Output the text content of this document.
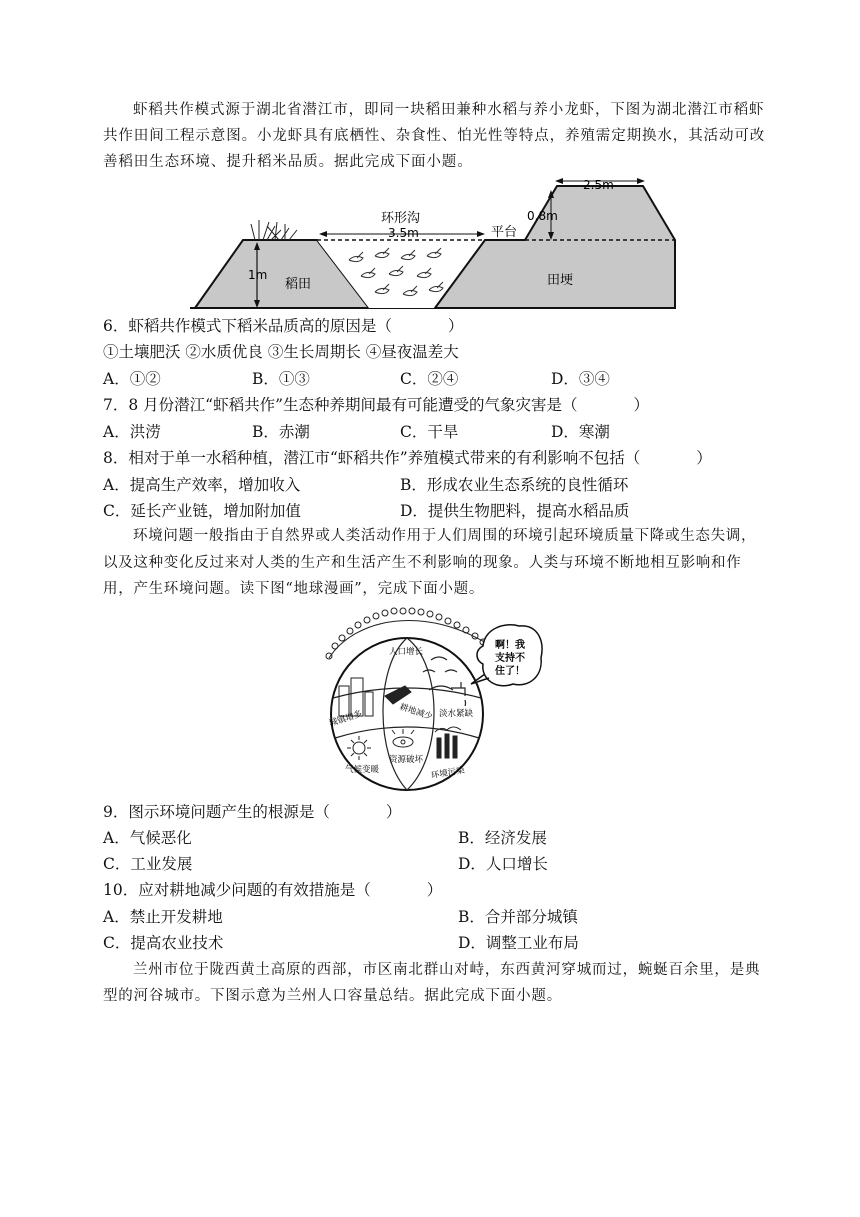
虾稻共作模式源于湖北省潜江市，即同一块稻田兼种水稻与养小龙虾，下图为湖北潜江市稻虾
共作田间工程示意图。小龙虾具有底栖性、杂食性、怕光性等特点，养殖需定期换水，其活动可改
善稻田生态环境、提升稻米品质。据此完成下面小题。
环形沟
3.5m	平台
2.5m
0.8m
1m
稻田	田埂
6．虾稻共作模式下稻米品质高的原因是（	）
①土壤肥沃 ②水质优良 ③生长周期长 ④昼夜温差大
A．①②	B．①③	C．②④	D．③④
7．8 月份潜江“虾稻共作”生态种养期间最有可能遭受的气象灾害是（	）
A．洪涝	B．赤潮	C．干旱	D．寒潮
8．相对于单一水稻种植，潜江市“虾稻共作”养殖模式带来的有利影响不包括（	）
A．提高生产效率，增加收入	B．形成农业生态系统的良性循环
C．延长产业链，增加附加值	D．提供生物肥料，提高水稻品质
环境问题一般指由于自然界或人类活动作用于人们周围的环境引起环境质量下降或生态失调，
以及这种变化反过来对人类的生产和生活产生不利影响的现象。人类与环境不断地相互影响和作
用，产生环境问题。读下图“地球漫画”，完成下面小题。
人口增长
城镇增多	耕地减少 淡水紧缺
气候变暖
资源破坏
环境污染
啊！我
支持不
住了！
9．图示环境问题产生的根源是（	）
A．气候恶化	B．经济发展
C．工业发展	D．人口增长
10．应对耕地减少问题的有效措施是（	）
A．禁止开发耕地	B．合并部分城镇
C．提高农业技术	D．调整工业布局
兰州市位于陇西黄土高原的西部，市区南北群山对峙，东西黄河穿城而过，蜿蜒百余里，是典
型的河谷城市。下图示意为兰州人口容量总结。据此完成下面小题。
